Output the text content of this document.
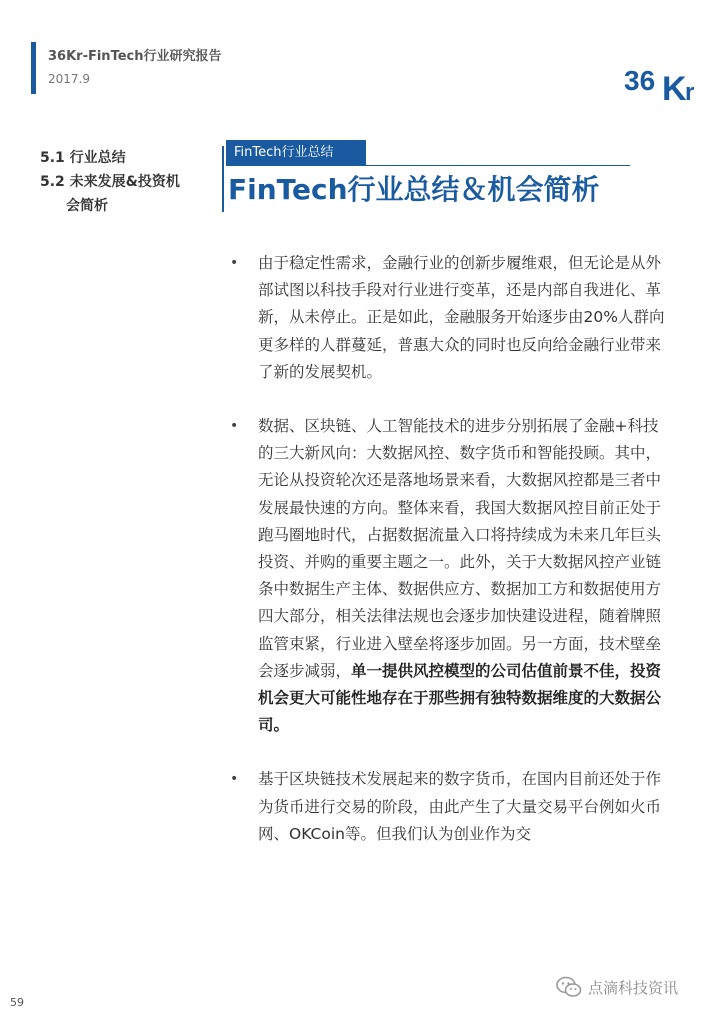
36Kr-FinTech行业研究报告
2017.9	36 K
r
5.1 行业总结
5.2 未来发展&投资机
会简析
FinTech行业总结
FinTech行业总结＆机会简析
• 由于稳定性需求，金融行业的创新步履维艰，但无论是从外部试图以科技手段对行业进行变革，还是内部自我进化、革新，从未停止。正是如此，金融服务开始逐步由20%人群向更多样的人群蔓延，普惠大众的同时也反向给金融行业带来了新的发展契机。
• 数据、区块链、人工智能技术的进步分别拓展了金融+科技的三大新风向：大数据风控、数字货币和智能投顾。其中，无论从投资轮次还是落地场景来看，大数据风控都是三者中发展最快速的方向。整体来看，我国大数据风控目前正处于跑马圈地时代，占据数据流量入口将持续成为未来几年巨头投资、并购的重要主题之一。此外，关于大数据风控产业链条中数据生产主体、数据供应方、数据加工方和数据使用方四大部分，相关法律法规也会逐步加快建设进程，随着牌照监管束紧，行业进入壁垒将逐步加固。另一方面，技术壁垒会逐步减弱，单一提供风控模型的公司估值前景不佳，投资机会更大可能性地存在于那些拥有独特数据维度的大数据公司。
• 基于区块链技术发展起来的数字货币，在国内目前还处于作为货币进行交易的阶段，由此产生了大量交易平台例如火币网、OKCoin等。但我们认为创业作为交
59
点滴科技资讯
